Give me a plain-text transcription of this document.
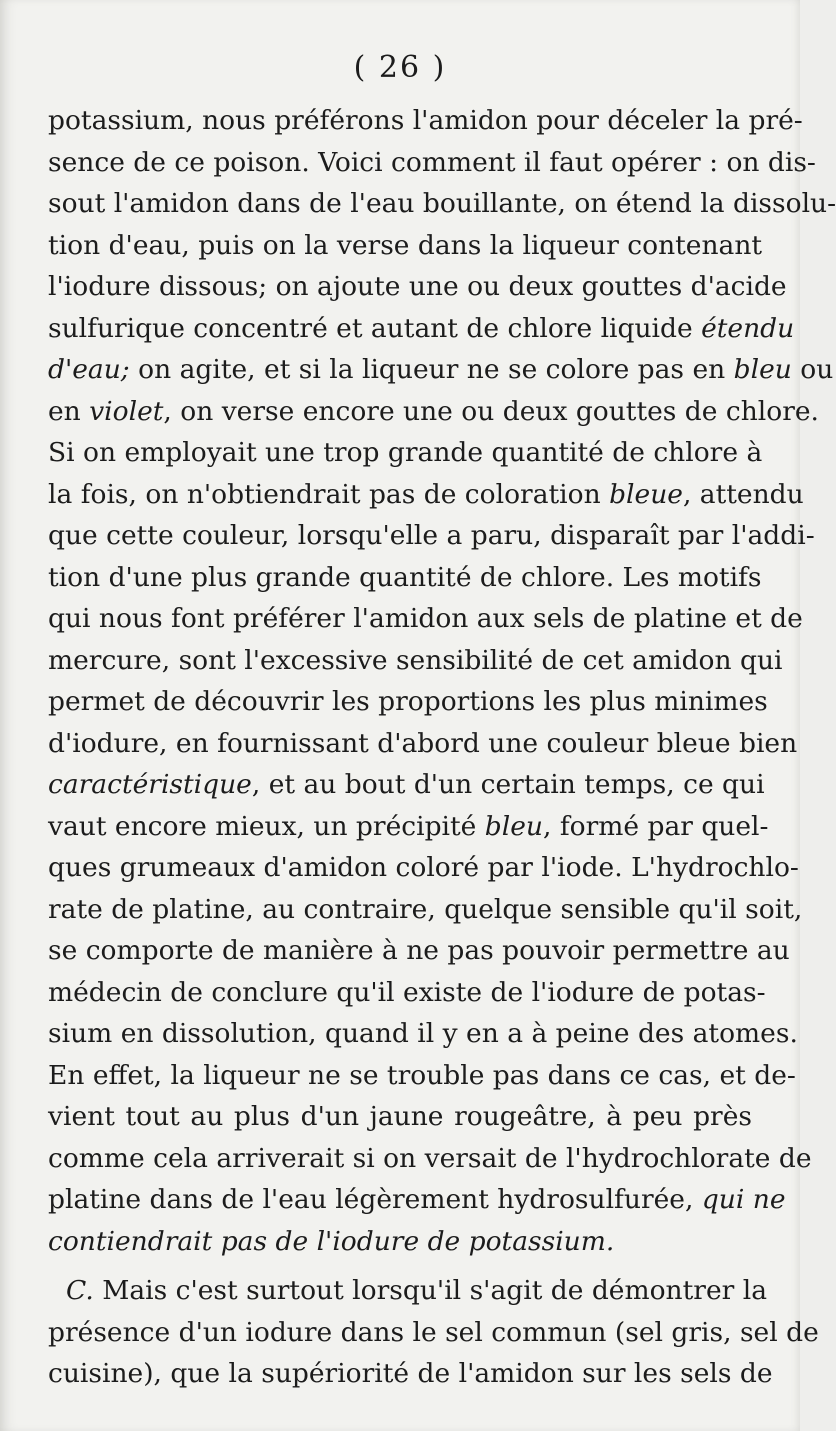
( 26 )
potassium, nous préférons l'amidon pour déceler la pré-
sence de ce poison. Voici comment il faut opérer : on dis-
sout l'amidon dans de l'eau bouillante, on étend la dissolu-
tion d'eau, puis on la verse dans la liqueur contenant
l'iodure dissous; on ajoute une ou deux gouttes d'acide
sulfurique concentré et autant de chlore liquide étendu
d'eau; on agite, et si la liqueur ne se colore pas en bleu ou
en violet, on verse encore une ou deux gouttes de chlore.
Si on employait une trop grande quantité de chlore à
la fois, on n'obtiendrait pas de coloration bleue, attendu
que cette couleur, lorsqu'elle a paru, disparaît par l'addi-
tion d'une plus grande quantité de chlore. Les motifs
qui nous font préférer l'amidon aux sels de platine et de
mercure, sont l'excessive sensibilité de cet amidon qui
permet de découvrir les proportions les plus minimes
d'iodure, en fournissant d'abord une couleur bleue bien
caractéristique, et au bout d'un certain temps, ce qui
vaut encore mieux, un précipité bleu, formé par quel-
ques grumeaux d'amidon coloré par l'iode. L'hydrochlo-
rate de platine, au contraire, quelque sensible qu'il soit,
se comporte de manière à ne pas pouvoir permettre au
médecin de conclure qu'il existe de l'iodure de potas-
sium en dissolution, quand il y en a à peine des atomes.
En effet, la liqueur ne se trouble pas dans ce cas, et de-
vient tout au plus d'un jaune rougeâtre, à peu près
comme cela arriverait si on versait de l'hydrochlorate de
platine dans de l'eau légèrement hydrosulfurée, qui ne
contiendrait pas de l'iodure de potassium.
C. Mais c'est surtout lorsqu'il s'agit de démontrer la
présence d'un iodure dans le sel commun (sel gris, sel de
cuisine), que la supériorité de l'amidon sur les sels de
